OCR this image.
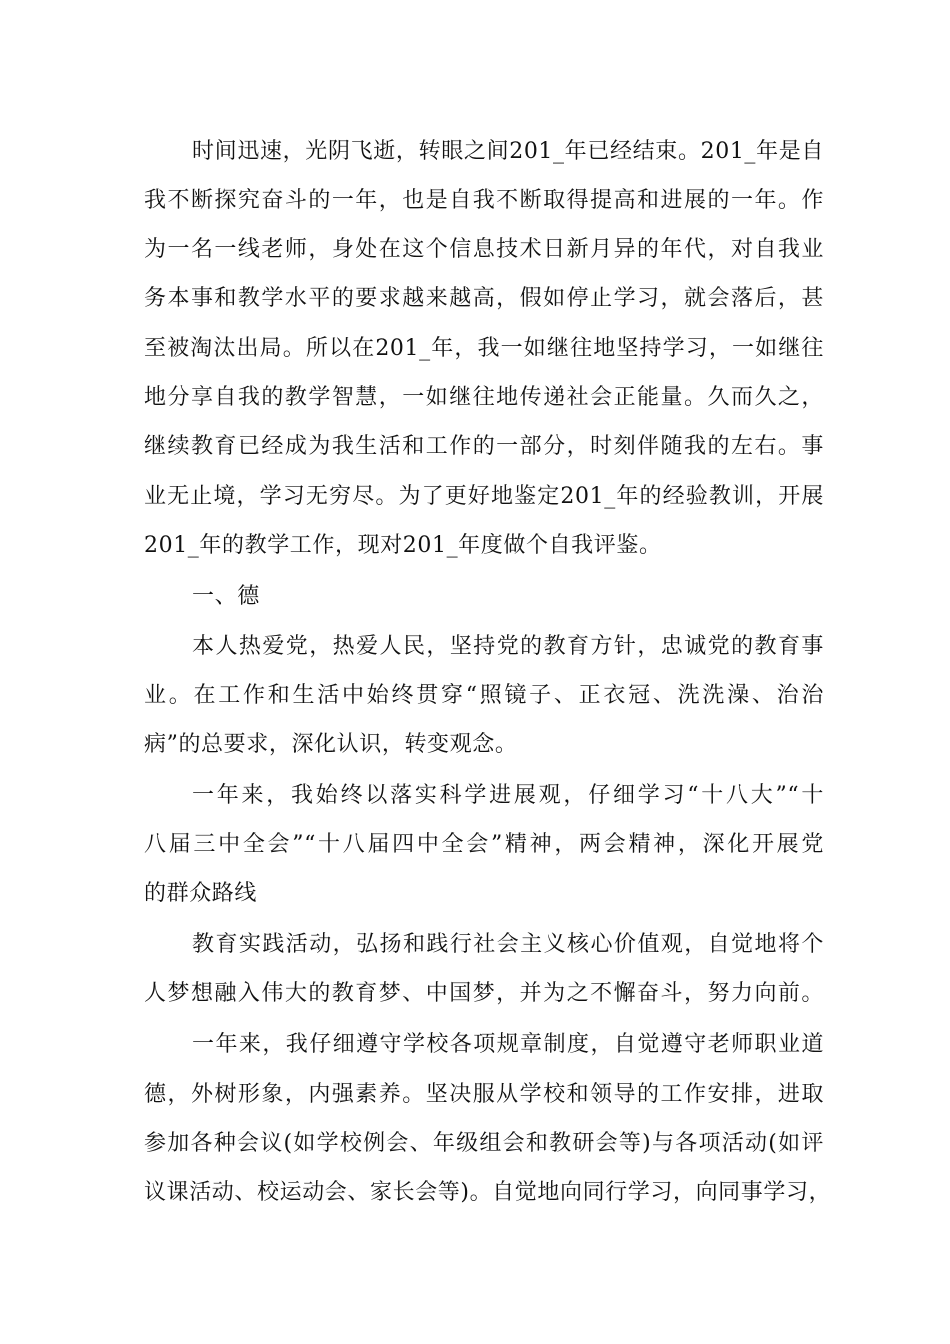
时间迅速，光阴飞逝，转眼之间201_年已经结束。201_年是自
我不断探究奋斗的一年，也是自我不断取得提高和进展的一年。作
为一名一线老师，身处在这个信息技术日新月异的年代，对自我业
务本事和教学水平的要求越来越高，假如停止学习，就会落后，甚
至被淘汰出局。所以在201_年，我一如继往地坚持学习，一如继往
地分享自我的教学智慧，一如继往地传递社会正能量。久而久之，
继续教育已经成为我生活和工作的一部分，时刻伴随我的左右。事
业无止境，学习无穷尽。为了更好地鉴定201_年的经验教训，开展
201_年的教学工作，现对201_年度做个自我评鉴。
一、德
本人热爱党，热爱人民，坚持党的教育方针，忠诚党的教育事
业。在工作和生活中始终贯穿“照镜子、正衣冠、洗洗澡、治治
病”的总要求，深化认识，转变观念。
一年来，我始终以落实科学进展观，仔细学习“十八大”“十
八届三中全会”“十八届四中全会”精神，两会精神，深化开展党
的群众路线
教育实践活动，弘扬和践行社会主义核心价值观，自觉地将个
人梦想融入伟大的教育梦、中国梦，并为之不懈奋斗，努力向前。
一年来，我仔细遵守学校各项规章制度，自觉遵守老师职业道
德，外树形象，内强素养。坚决服从学校和领导的工作安排，进取
参加各种会议(如学校例会、年级组会和教研会等)与各项活动(如评
议课活动、校运动会、家长会等)。自觉地向同行学习，向同事学习，
